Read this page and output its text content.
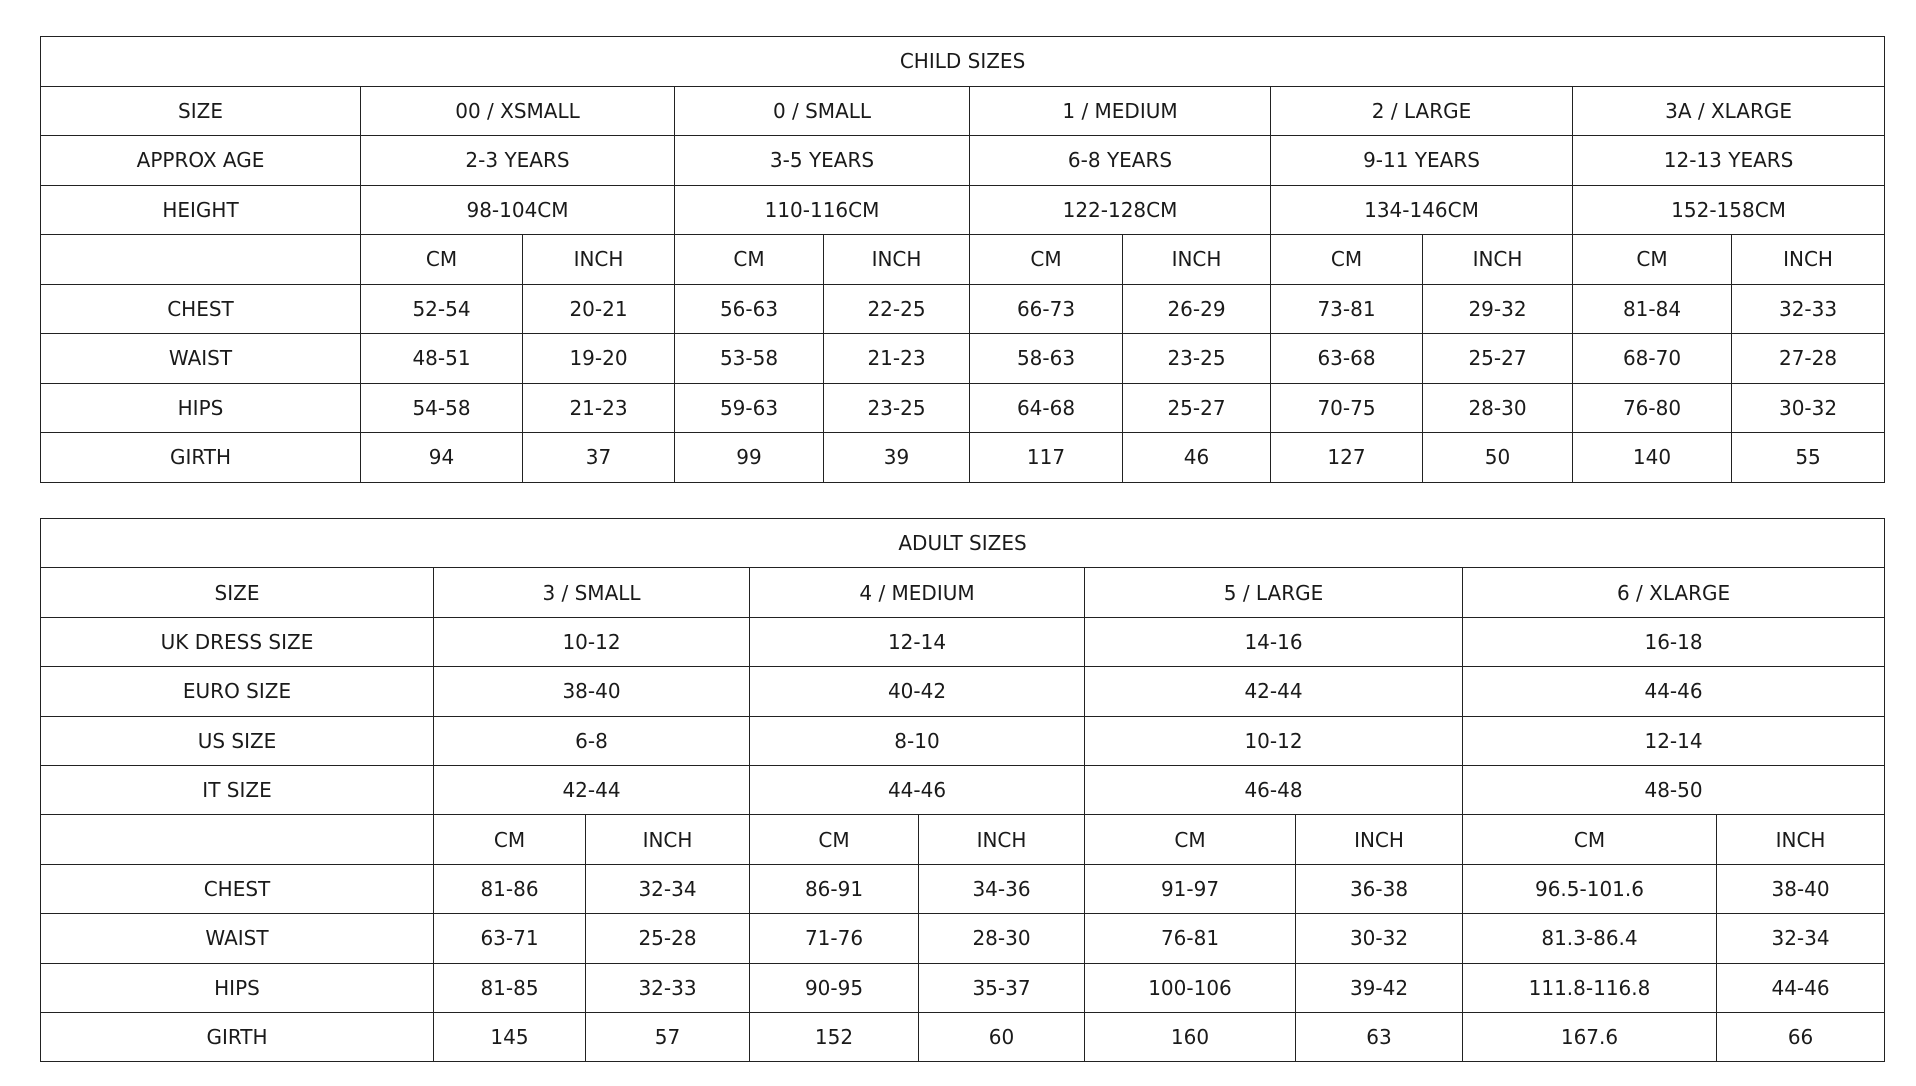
CHILD SIZES										
SIZE	00 / XSMALL		0 / SMALL		1 / MEDIUM		2 / LARGE		3A / XLARGE	
APPROX AGE	2-3 YEARS		3-5 YEARS		6-8 YEARS		9-11 YEARS		12-13 YEARS	
HEIGHT	98-104CM		110-116CM		122-128CM		134-146CM		152-158CM	
	CM	INCH	CM	INCH	CM	INCH	CM	INCH	CM	INCH
CHEST	52-54	20-21	56-63	22-25	66-73	26-29	73-81	29-32	81-84	32-33
WAIST	48-51	19-20	53-58	21-23	58-63	23-25	63-68	25-27	68-70	27-28
HIPS	54-58	21-23	59-63	23-25	64-68	25-27	70-75	28-30	76-80	30-32
GIRTH	94	37	99	39	117	46	127	50	140	55
ADULT SIZES								
SIZE	3 / SMALL		4 / MEDIUM		5 / LARGE		6 / XLARGE	
UK DRESS SIZE	10-12		12-14		14-16		16-18	
EURO SIZE	38-40		40-42		42-44		44-46	
US SIZE	6-8		8-10		10-12		12-14	
IT SIZE	42-44		44-46		46-48		48-50	
	CM	INCH	CM	INCH	CM	INCH	CM	INCH
CHEST	81-86	32-34	86-91	34-36	91-97	36-38	96.5-101.6	38-40
WAIST	63-71	25-28	71-76	28-30	76-81	30-32	81.3-86.4	32-34
HIPS	81-85	32-33	90-95	35-37	100-106	39-42	111.8-116.8	44-46
GIRTH	145	57	152	60	160	63	167.6	66
